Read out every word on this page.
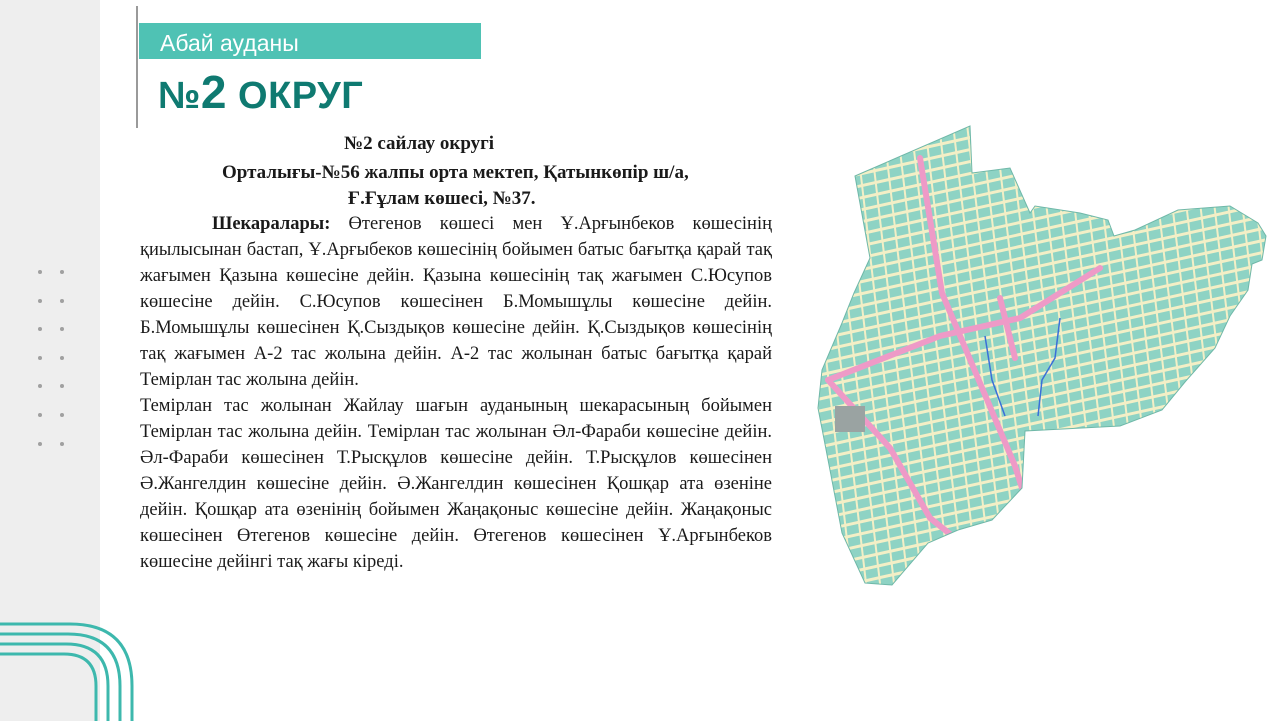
Абай ауданы
№2 ОКРУГ
№2 сайлау округі
Орталығы-№56 жалпы орта мектеп, Қатынкөпір ш/а,
Ғ.Ғұлам көшесі, №37.

Шекаралары: Өтегенов көшесі мен Ұ.Арғынбеков көшесінің қиылысынан бастап, Ұ.Арғыбеков көшесінің бойымен батыс бағытқа қарай тақ жағымен Қазына көшесіне дейін. Қазына көшесінің тақ жағымен С.Юсупов көшесіне дейін. С.Юсупов көшесінен Б.Момышұлы көшесіне дейін. Б.Момышұлы көшесінен Қ.Сыздықов көшесіне дейін. Қ.Сыздықов көшесінің тақ жағымен А-2 тас жолына дейін. А-2 тас жолынан батыс бағытқа қарай Темірлан тас жолына дейін.

Темірлан тас жолынан Жайлау шағын ауданының шекарасының бойымен Темірлан тас жолына дейін. Темірлан тас жолынан Әл-Фараби көшесіне дейін. Әл-Фараби көшесінен Т.Рысқұлов көшесіне дейін. Т.Рысқұлов көшесінен Ә.Жангелдин көшесіне дейін. Ә.Жангелдин көшесінен Қошқар ата өзеніне дейін. Қошқар ата өзенінің бойымен Жаңақоныс көшесіне дейін. Жаңақоныс көшесінен Өтегенов көшесіне дейін. Өтегенов көшесінен Ұ.Арғынбеков көшесіне дейінгі тақ жағы кіреді.
